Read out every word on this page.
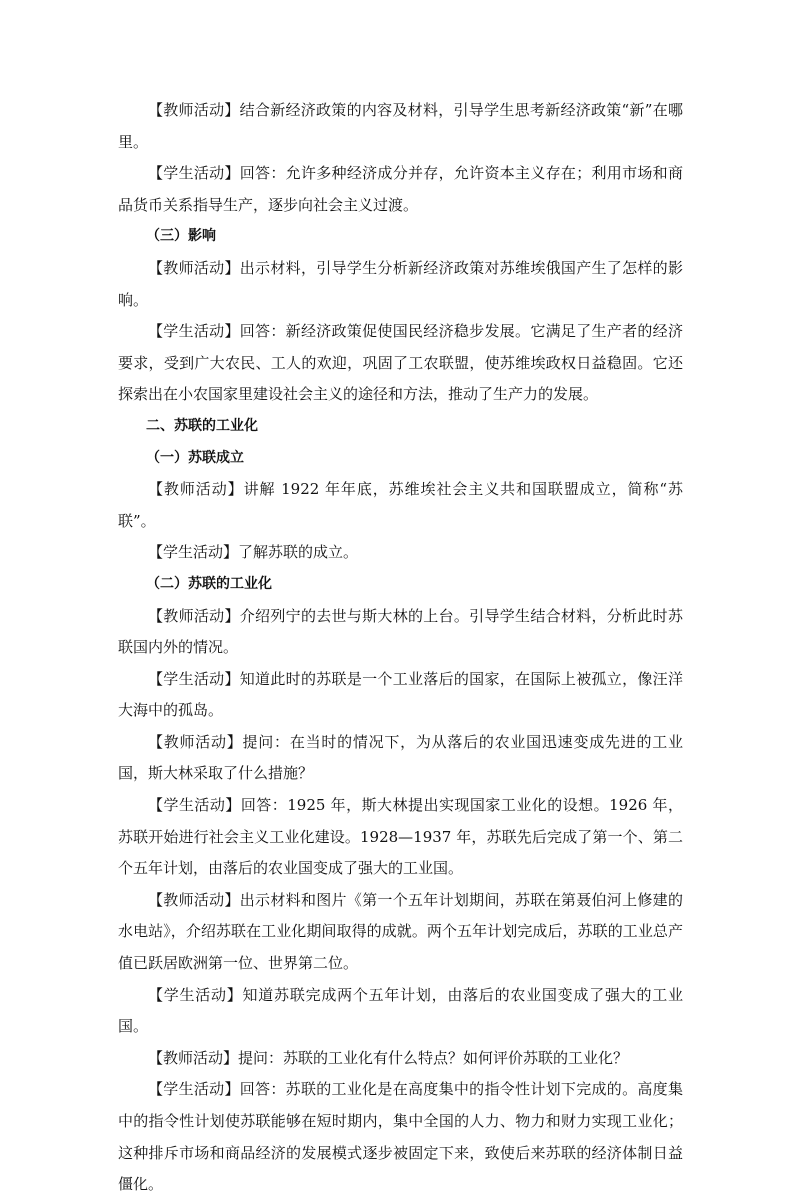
【教师活动】结合新经济政策的内容及材料，引导学生思考新经济政策“新”在哪里。

【学生活动】回答：允许多种经济成分并存，允许资本主义存在；利用市场和商品货币关系指导生产，逐步向社会主义过渡。

（三）影响

【教师活动】出示材料，引导学生分析新经济政策对苏维埃俄国产生了怎样的影响。

【学生活动】回答：新经济政策促使国民经济稳步发展。它满足了生产者的经济要求，受到广大农民、工人的欢迎，巩固了工农联盟，使苏维埃政权日益稳固。它还探索出在小农国家里建设社会主义的途径和方法，推动了生产力的发展。

二、苏联的工业化

（一）苏联成立

【教师活动】讲解 1922 年年底，苏维埃社会主义共和国联盟成立，简称“苏联”。

【学生活动】了解苏联的成立。

（二）苏联的工业化

【教师活动】介绍列宁的去世与斯大林的上台。引导学生结合材料，分析此时苏联国内外的情况。

【学生活动】知道此时的苏联是一个工业落后的国家，在国际上被孤立，像汪洋大海中的孤岛。

【教师活动】提问：在当时的情况下，为从落后的农业国迅速变成先进的工业国，斯大林采取了什么措施？

【学生活动】回答：1925 年，斯大林提出实现国家工业化的设想。1926 年，苏联开始进行社会主义工业化建设。1928—1937 年，苏联先后完成了第一个、第二个五年计划，由落后的农业国变成了强大的工业国。

【教师活动】出示材料和图片《第一个五年计划期间，苏联在第聂伯河上修建的水电站》，介绍苏联在工业化期间取得的成就。两个五年计划完成后，苏联的工业总产值已跃居欧洲第一位、世界第二位。

【学生活动】知道苏联完成两个五年计划，由落后的农业国变成了强大的工业国。

【教师活动】提问：苏联的工业化有什么特点？如何评价苏联的工业化？

【学生活动】回答：苏联的工业化是在高度集中的指令性计划下完成的。高度集中的指令性计划使苏联能够在短时期内，集中全国的人力、物力和财力实现工业化；这种排斥市场和商品经济的发展模式逐步被固定下来，致使后来苏联的经济体制日益僵化。
